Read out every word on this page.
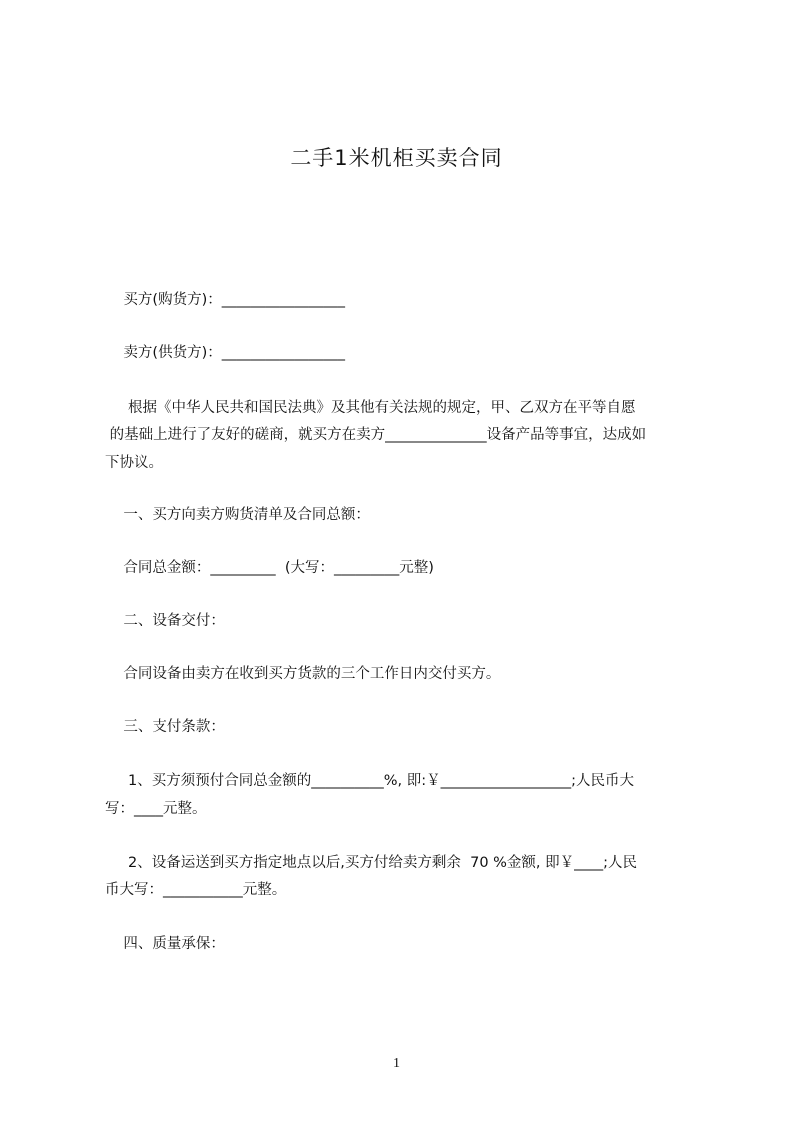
二手1米机柜买卖合同
买方(购货方)：_________________
卖方(供货方)：_________________
根据《中华人民共和国民法典》及其他有关法规的规定，甲、乙双方在平等自愿
的基础上进行了友好的磋商，就买方在卖方______________设备产品等事宜，达成如
下协议。
一、买方向卖方购货清单及合同总额：
合同总金额：_________  (大写：_________元整)
二、设备交付：
合同设备由卖方在收到买方货款的三个工作日内交付买方。
三、支付条款：
1、买方须预付合同总金额的__________%, 即:￥__________________;人民币大
写：____元整。
2、设备运送到买方指定地点以后,买方付给卖方剩余  70 %金额, 即￥____;人民
币大写：___________元整。
四、质量承保：
1
